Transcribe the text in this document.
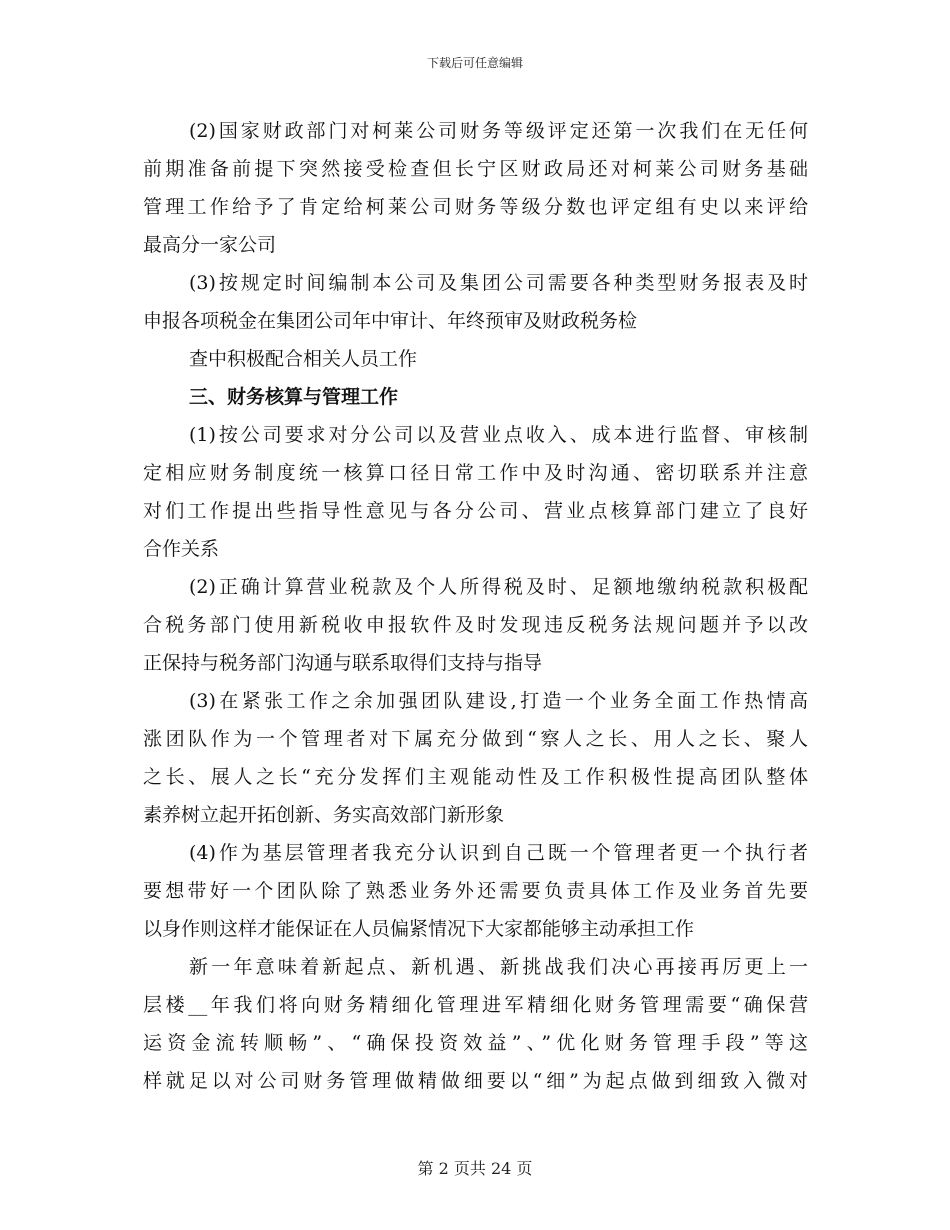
下载后可任意编辑
(2)国家财政部门对柯莱公司财务等级评定还第一次我们在无任何
前期准备前提下突然接受检查但长宁区财政局还对柯莱公司财务基础
管理工作给予了肯定给柯莱公司财务等级分数也评定组有史以来评给
最高分一家公司
(3)按规定时间编制本公司及集团公司需要各种类型财务报表及时
申报各项税金在集团公司年中审计、年终预审及财政税务检
查中积极配合相关人员工作
三、财务核算与管理工作
(1)按公司要求对分公司以及营业点收入、成本进行监督、审核制
定相应财务制度统一核算口径日常工作中及时沟通、密切联系并注意
对们工作提出些指导性意见与各分公司、营业点核算部门建立了良好
合作关系
(2)正确计算营业税款及个人所得税及时、足额地缴纳税款积极配
合税务部门使用新税收申报软件及时发现违反税务法规问题并予以改
正保持与税务部门沟通与联系取得们支持与指导
(3)在紧张工作之余加强团队建设,打造一个业务全面工作热情高
涨团队作为一个管理者对下属充分做到“察人之长、用人之长、聚人
之长、展人之长“充分发挥们主观能动性及工作积极性提高团队整体
素养树立起开拓创新、务实高效部门新形象
(4)作为基层管理者我充分认识到自己既一个管理者更一个执行者
要想带好一个团队除了熟悉业务外还需要负责具体工作及业务首先要
以身作则这样才能保证在人员偏紧情况下大家都能够主动承担工作
新一年意味着新起点、新机遇、新挑战我们决心再接再厉更上一
层楼__年我们将向财务精细化管理进军精细化财务管理需要“确保营
运资金流转顺畅”、“确保投资效益”、”优化财务管理手段”等这
样就足以对公司财务管理做精做细要以“细”为起点做到细致入微对
第 2 页共 24 页
